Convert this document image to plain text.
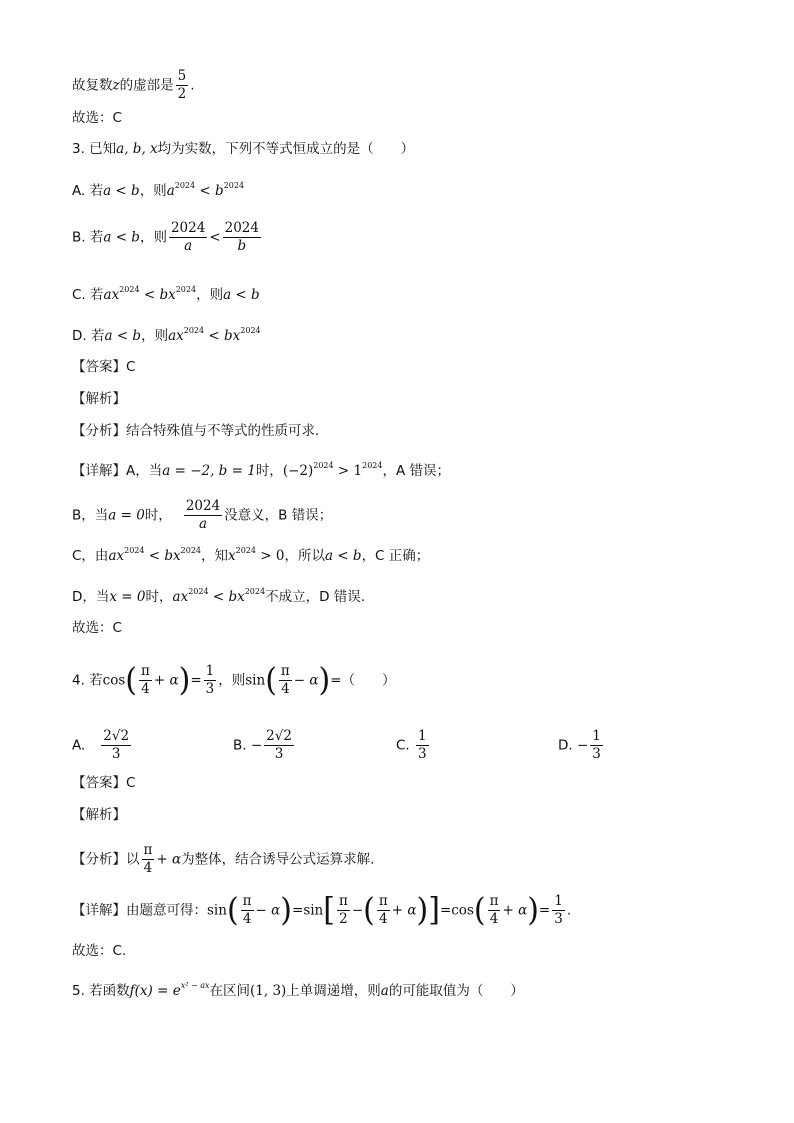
故复数z的虚部是 $\frac{5}{2}$ .
故选：C
3. 已知a, b, x均为实数，下列不等式恒成立的是（　　）
A. 若a < b，则$a^{2024} < b^{2024}$
B. 若a < b，则 $\frac{2024}{a} < \frac{2024}{b}$
C. 若$ax^{2024} < bx^{2024}$，则a < b
D. 若a < b，则$ax^{2024} < bx^{2024}$
【答案】C
【解析】
【分析】结合特殊值与不等式的性质可求.
【详解】A，当a = −2, b = 1时，$(-2)^{2024} > 1^{2024}$，A 错误；
B，当a = 0时， $\frac{2024}{a}$ 没意义，B 错误；
C，由$ax^{2024} < bx^{2024}$，知$x^{2024} > 0$，所以a < b，C 正确；
D，当x = 0时，$ax^{2024} < bx^{2024}$不成立，D 错误.
故选：C
4. 若$\cos( \frac{\pi}{4} + \alpha)= \frac{1}{3}$ ，则$\sin( \frac{\pi}{4} - \alpha)=$（　　）
A. $\frac{2√2}{3}$	B. − $\frac{2√2}{3}$	C. $\frac{1}{3}$	D. − $\frac{1}{3}$
【答案】C
【解析】
【分析】以 $\frac{\pi}{4} + \alpha$为整体，结合诱导公式运算求解.
【详解】由题意可得：$\sin( \frac{\pi}{4} - \alpha)=\sin[ \frac{\pi}{2}$ −( $\frac{\pi}{4} + \alpha)]=\cos( \frac{\pi}{4} + \alpha)= \frac{1}{3}$ .
故选：C.
5. 若函数$f(x) = e^{x^2 - ax}$在区间(1, 3)上单调递增，则a的可能取值为（　　）
